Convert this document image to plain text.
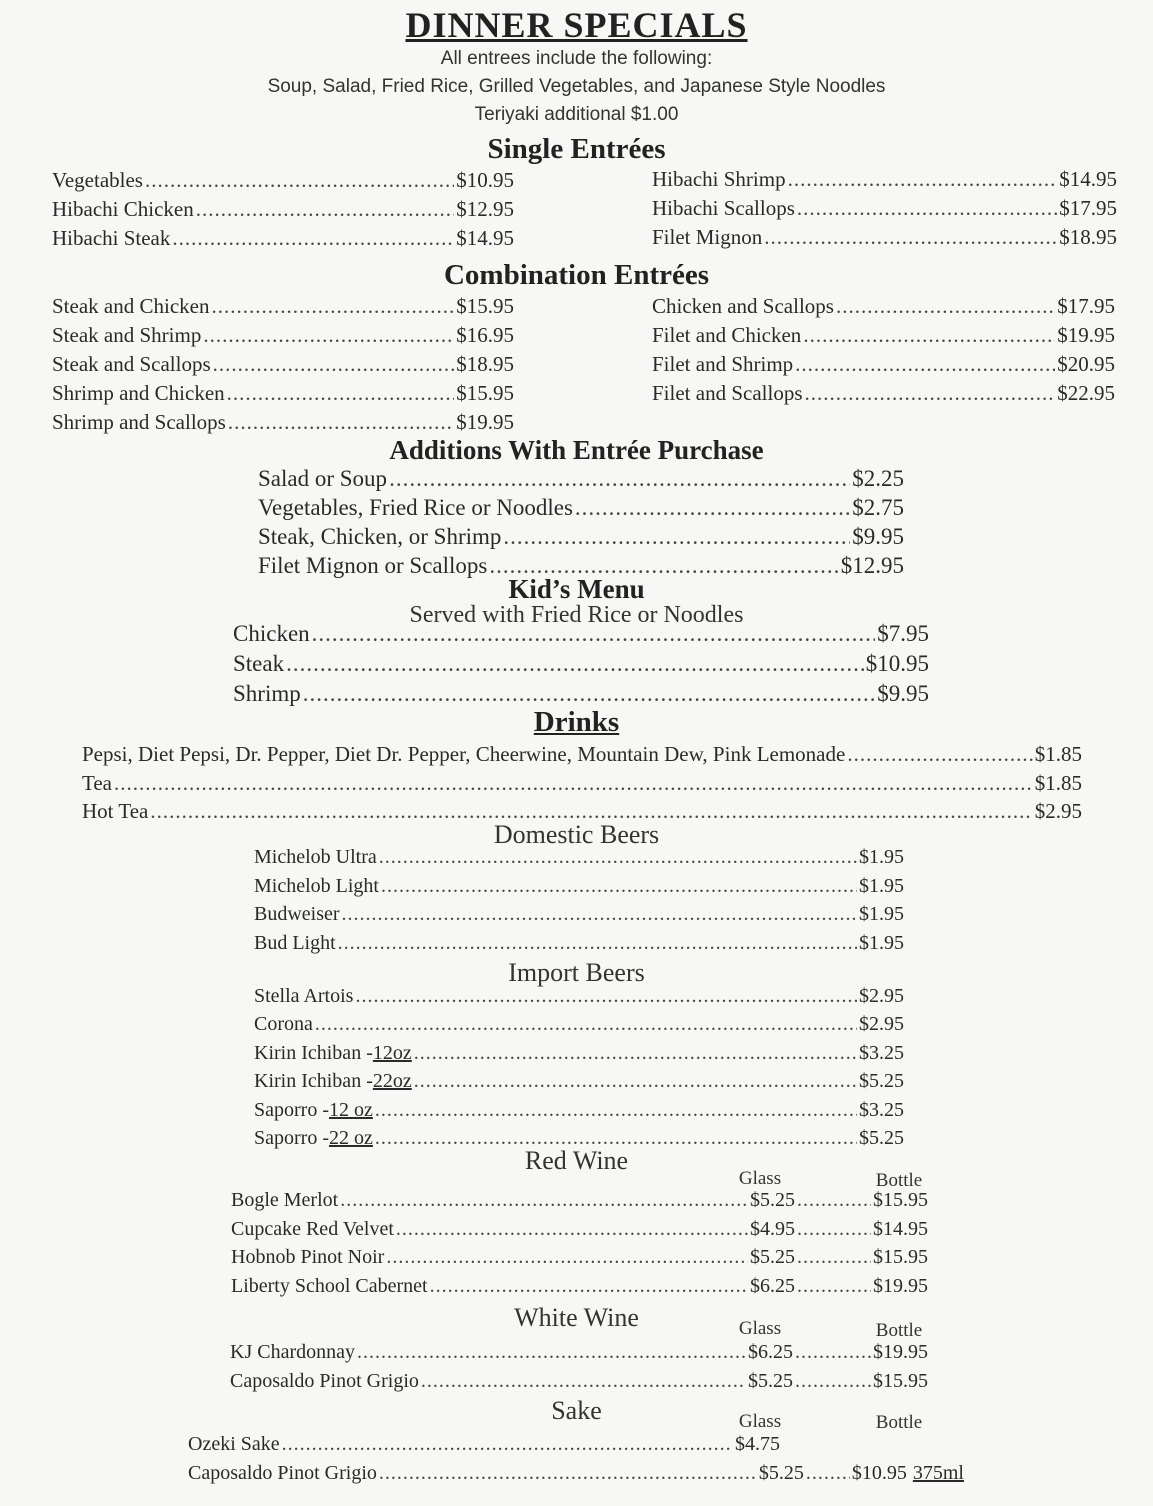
DINNER SPECIALS
All entrees include the following:
Soup, Salad, Fried Rice, Grilled Vegetables, and Japanese Style Noodles
Teriyaki additional $1.00
Single Entrées
Vegetables .....	$10.95
Hibachi Chicken .....	$12.95
Hibachi Steak .....	$14.95
Hibachi Shrimp .....	$14.95
Hibachi Scallops .....	$17.95
Filet Mignon .....	$18.95
Combination Entrées
Steak and Chicken .....	$15.95
Steak and Shrimp .....	$16.95
Steak and Scallops .....	$18.95
Shrimp and Chicken .....	$15.95
Shrimp and Scallops .....	$19.95
Chicken and Scallops .....	$17.95
Filet and Chicken .....	$19.95
Filet and Shrimp .....	$20.95
Filet and Scallops .....	$22.95
Additions With Entrée Purchase
Salad or Soup .....	$2.25
Vegetables, Fried Rice or Noodles .....	$2.75
Steak, Chicken, or Shrimp .....	$9.95
Filet Mignon or Scallops .....	$12.95
Kid’s Menu
Served with Fried Rice or Noodles
Chicken .....	$7.95
Steak .....	$10.95
Shrimp .....	$9.95
Drinks
Pepsi, Diet Pepsi, Dr. Pepper, Diet Dr. Pepper, Cheerwine, Mountain Dew, Pink Lemonade .....	$1.85
Tea .....	$1.85
Hot Tea .....	$2.95
Domestic Beers
Michelob Ultra .....	$1.95
Michelob Light .....	$1.95
Budweiser .....	$1.95
Bud Light .....	$1.95
Import Beers
Stella Artois .....	$2.95
Corona .....	$2.95
Kirin Ichiban - 12oz .....	$3.25
Kirin Ichiban - 22oz .....	$5.25
Saporro - 12 oz .....	$3.25
Saporro - 22 oz .....	$5.25
Red Wine
Glass	Bottle
Bogle Merlot .....	$5.25 .....	$15.95
Cupcake Red Velvet .....	$4.95 .....	$14.95
Hobnob Pinot Noir .....	$5.25 .....	$15.95
Liberty School Cabernet .....	$6.25 .....	$19.95
White Wine	Glass	Bottle
KJ Chardonnay .....	$6.25 .....	$19.95
Caposaldo Pinot Grigio .....	$5.25 .....	$15.95
Sake	Glass	Bottle
Ozeki Sake .....	$4.75
Caposaldo Pinot Grigio .....	$5.25 ..... $10.95 375ml
